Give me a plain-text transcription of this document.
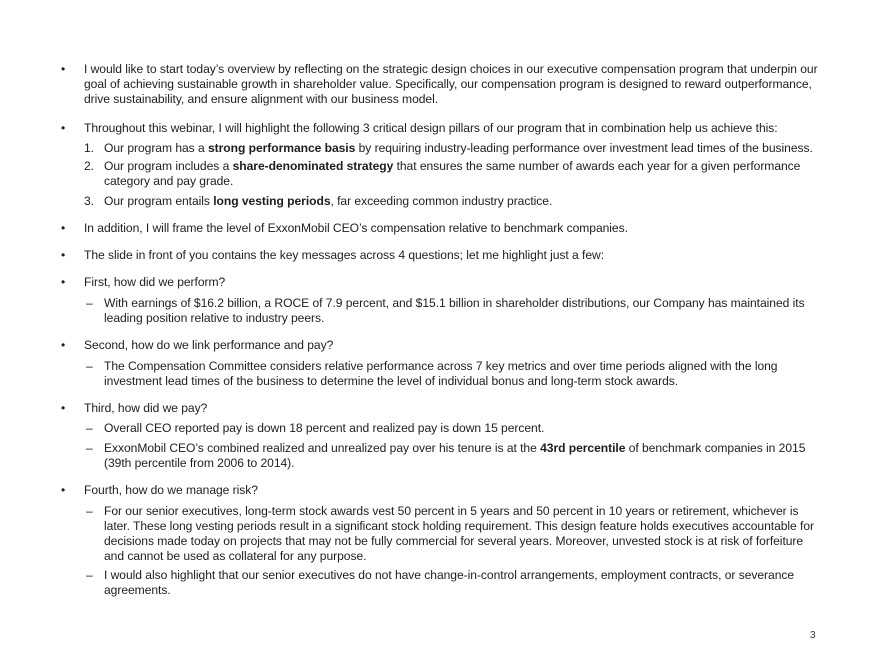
• I would like to start today’s overview by reflecting on the strategic design choices in our executive compensation program that underpin our goal of achieving sustainable growth in shareholder value. Specifically, our compensation program is designed to reward outperformance, drive sustainability, and ensure alignment with our business model.
• Throughout this webinar, I will highlight the following 3 critical design pillars of our program that in combination help us achieve this:
1. Our program has a strong performance basis by requiring industry-leading performance over investment lead times of the business.
2. Our program includes a share-denominated strategy that ensures the same number of awards each year for a given performance category and pay grade.
3. Our program entails long vesting periods, far exceeding common industry practice.
• In addition, I will frame the level of ExxonMobil CEO’s compensation relative to benchmark companies.
• The slide in front of you contains the key messages across 4 questions; let me highlight just a few:
• First, how did we perform?
– With earnings of $16.2 billion, a ROCE of 7.9 percent, and $15.1 billion in shareholder distributions, our Company has maintained its leading position relative to industry peers.
• Second, how do we link performance and pay?
– The Compensation Committee considers relative performance across 7 key metrics and over time periods aligned with the long investment lead times of the business to determine the level of individual bonus and long-term stock awards.
• Third, how did we pay?
– Overall CEO reported pay is down 18 percent and realized pay is down 15 percent.
– ExxonMobil CEO’s combined realized and unrealized pay over his tenure is at the 43rd percentile of benchmark companies in 2015 (39th percentile from 2006 to 2014).
• Fourth, how do we manage risk?
– For our senior executives, long-term stock awards vest 50 percent in 5 years and 50 percent in 10 years or retirement, whichever is later. These long vesting periods result in a significant stock holding requirement. This design feature holds executives accountable for decisions made today on projects that may not be fully commercial for several years. Moreover, unvested stock is at risk of forfeiture and cannot be used as collateral for any purpose.
– I would also highlight that our senior executives do not have change-in-control arrangements, employment contracts, or severance agreements.
3
